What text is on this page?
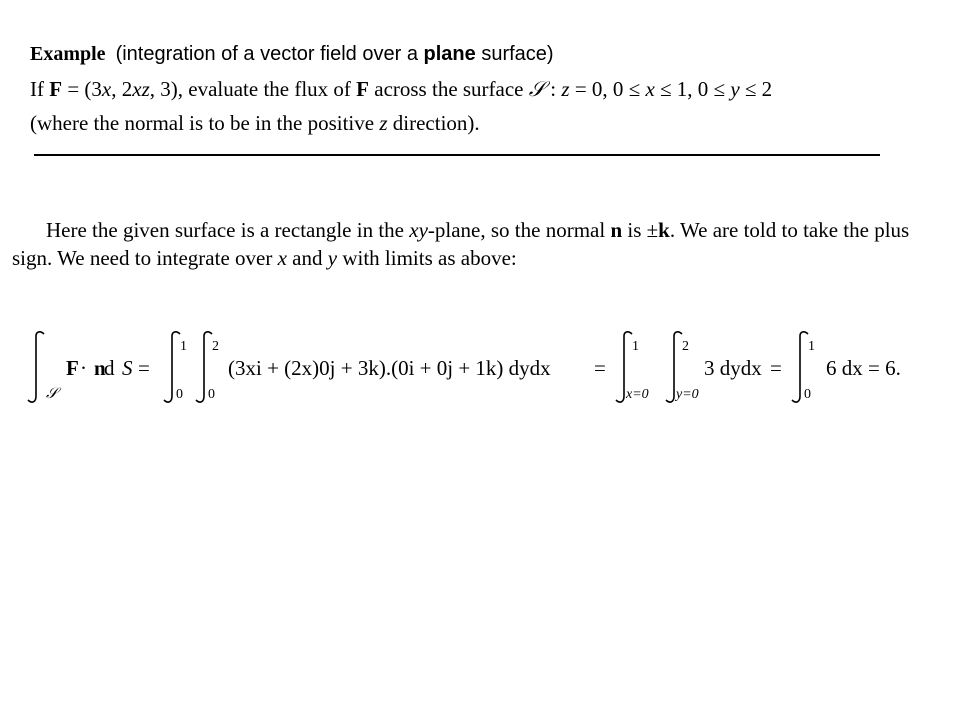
Example (integration of a vector field over a plane surface)
If F = (3x, 2xz, 3), evaluate the flux of F across the surface 𝒮 : z = 0, 0 ≤ x ≤ 1, 0 ≤ y ≤ 2
(where the normal is to be in the positive z direction).
Here the given surface is a rectangle in the xy-plane, so the normal n is ±k. We are told to take the plus
sign. We need to integrate over x and y with limits as above:
𝒮
F · n
d S =
1
0
2
0
(3xi + (2x)0j + 3k).(0i + 0j + 1k) dydx =
1
x=0
2
y=0
3 dydx =
1
0
6 dx = 6.
